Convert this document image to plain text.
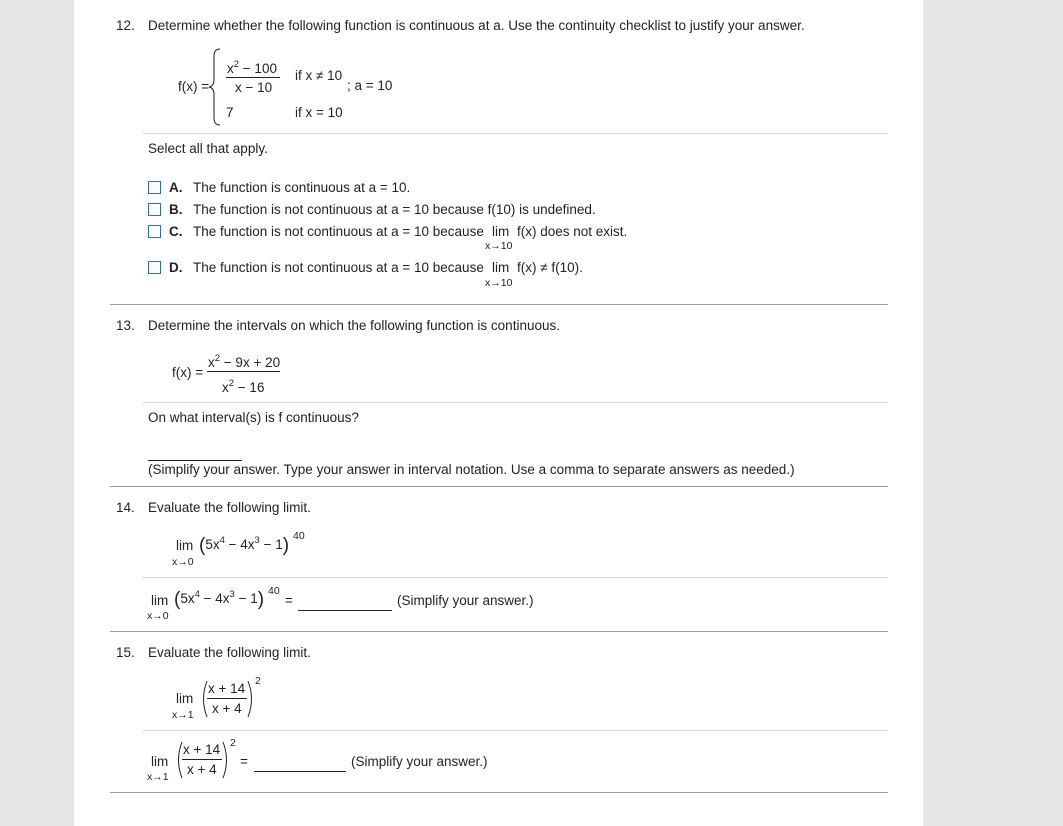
12. Determine whether the following function is continuous at a. Use the continuity checklist to justify your answer.
f(x) =
$x^2 - 100$
x − 10
if x ≠ 10
; a = 10
7	if x = 10
Select all that apply.
A. The function is continuous at a = 10.
B. The function is not continuous at a = 10 because f(10) is undefined.
C. The function is not continuous at a = 10 because lim
x→10
f(x) does not exist.
D. The function is not continuous at a = 10 because lim
x→10
f(x) ≠ f(10).
13. Determine the intervals on which the following function is continuous.
f(x) =
$x^2 - 9x + 20$
$x^2 - 16$
On what interval(s) is f continuous?
(Simplify your answer. Type your answer in interval notation. Use a comma to separate answers as needed.)
14. Evaluate the following limit.
lim
x→0
$(5x^4 - 4x^3 - 1)$ 40
lim
x→0
$(5x^4 - 4x^3 - 1)$ 40
=	(Simplify your answer.)
15. Evaluate the following limit.
lim
x→1
x + 14
x + 4
2
lim
x→1
x + 14
x + 4
2
=	(Simplify your answer.)
